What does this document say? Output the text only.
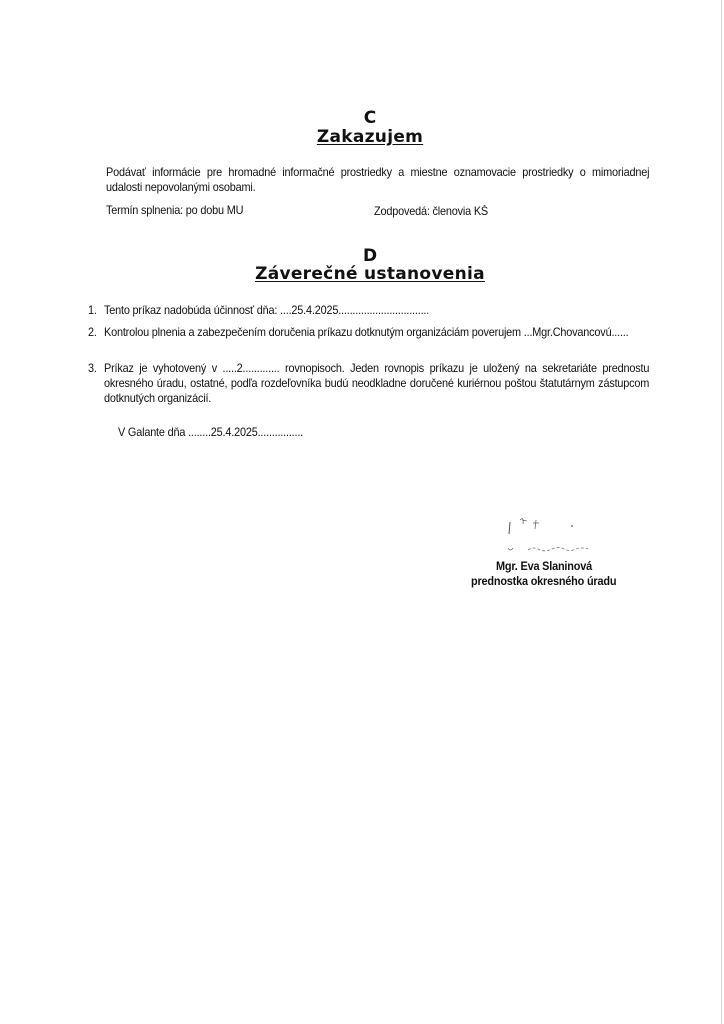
C
Zakazujem
Podávať informácie pre hromadné informačné prostriedky a miestne oznamovacie prostriedky o mimoriadnej udalosti nepovolanými osobami.
Termín splnenia: po dobu MU	Zodpovedá: členovia KŠ
D
Záverečné ustanovenia
1. Tento príkaz nadobúda účinnosť dňa: ....25.4.2025................................
2. Kontrolou plnenia a zabezpečením doručenia príkazu dotknutým organizáciám poverujem ...Mgr.Chovancovú......
3. Príkaz je vyhotovený v .....2............. rovnopisoch. Jeden rovnopis príkazu je uložený na sekretariáte prednostu okresného úradu, ostatné, podľa rozdeľovníka budú neodkladne doručené kuriérnou poštou štatutárnym zástupcom dotknutých organizácií.
V Galante dňa ........25.4.2025................
Mgr. Eva Slaninová
prednostka okresného úradu
